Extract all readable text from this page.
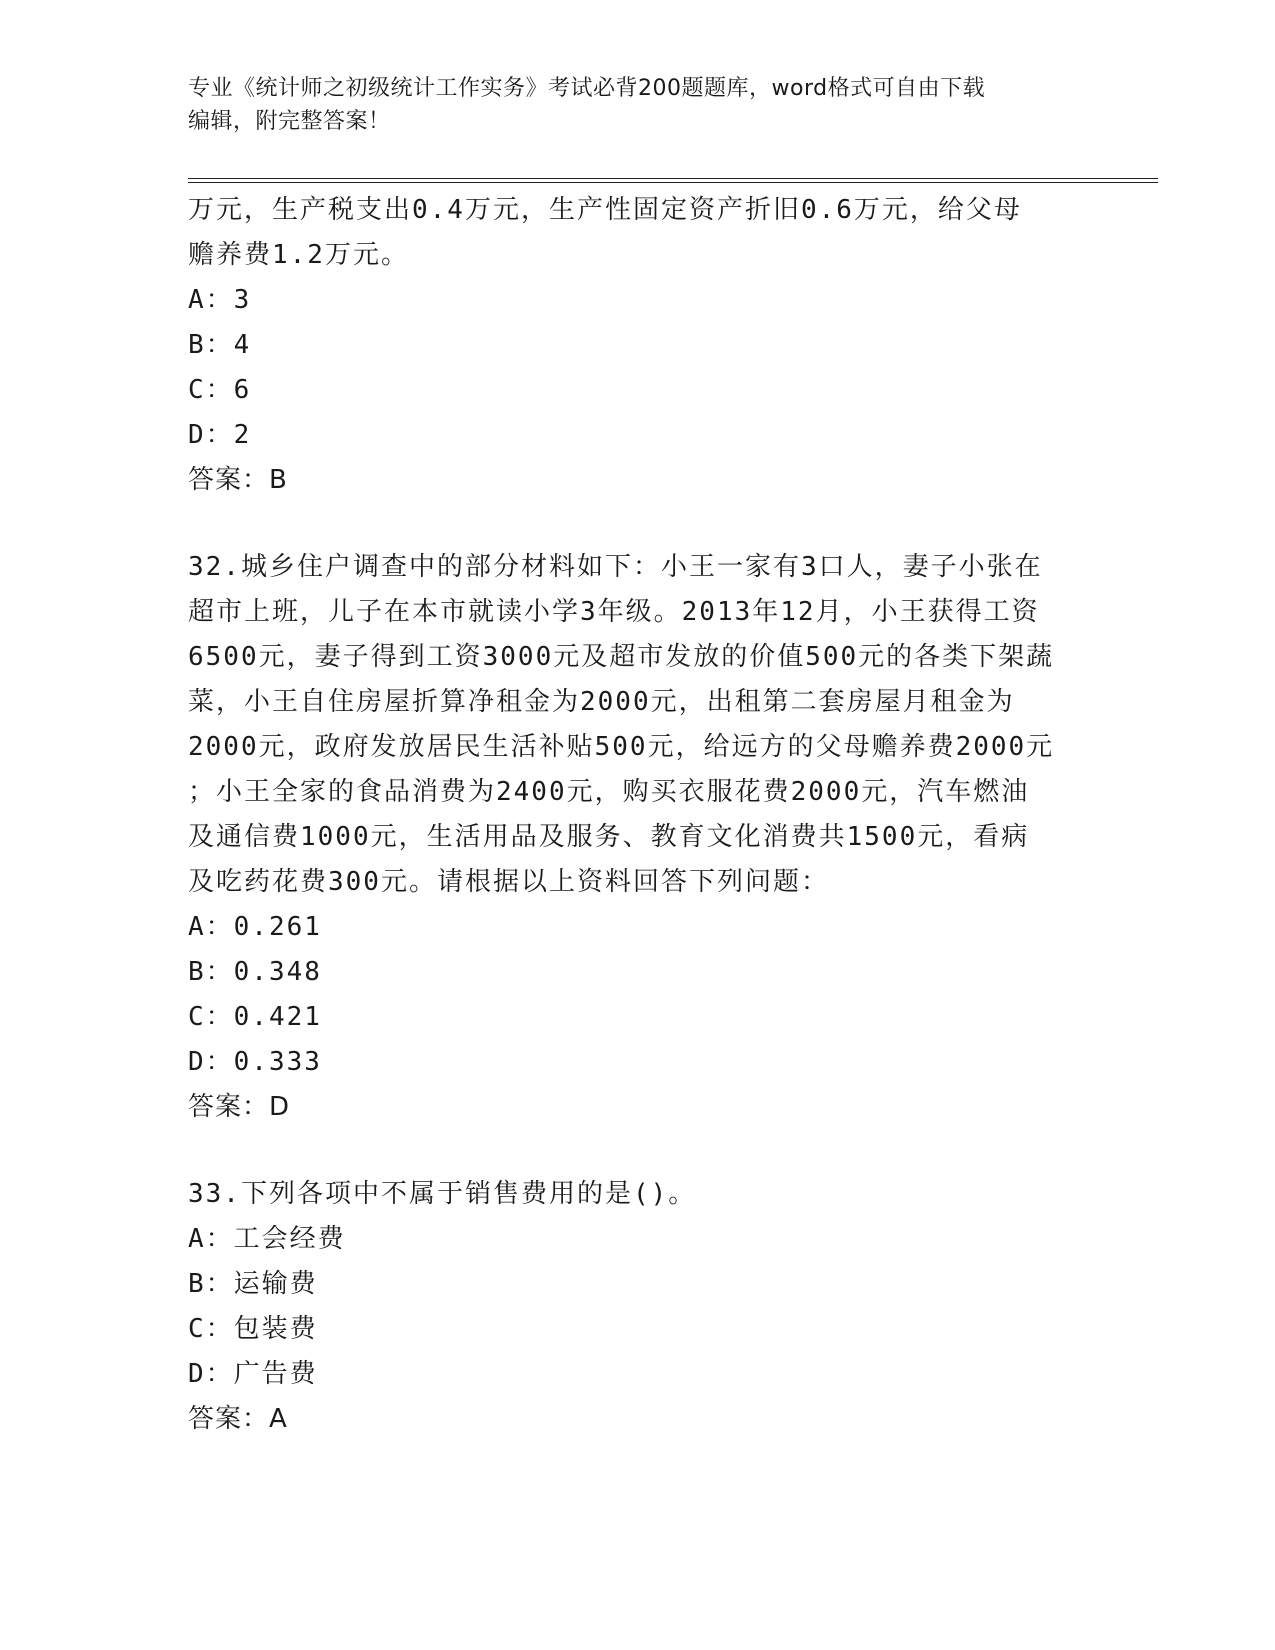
专业《统计师之初级统计工作实务》考试必背200题题库，word格式可自由下载
编辑，附完整答案！
万元，生产税支出0.4万元，生产性固定资产折旧0.6万元，给父母
赡养费1.2万元。
A：3
B：4
C：6
D：2
答案：B
32.城乡住户调查中的部分材料如下：小王一家有3口人，妻子小张在
超市上班，儿子在本市就读小学3年级。2013年12月，小王获得工资
6500元，妻子得到工资3000元及超市发放的价值500元的各类下架蔬
菜，小王自住房屋折算净租金为2000元，出租第二套房屋月租金为
2000元，政府发放居民生活补贴500元，给远方的父母赡养费2000元
；小王全家的食品消费为2400元，购买衣服花费2000元，汽车燃油
及通信费1000元，生活用品及服务、教育文化消费共1500元，看病
及吃药花费300元。请根据以上资料回答下列问题：
A：0.261
B：0.348
C：0.421
D：0.333
答案：D
33.下列各项中不属于销售费用的是()。
A：工会经费
B：运输费
C：包装费
D：广告费
答案：A
